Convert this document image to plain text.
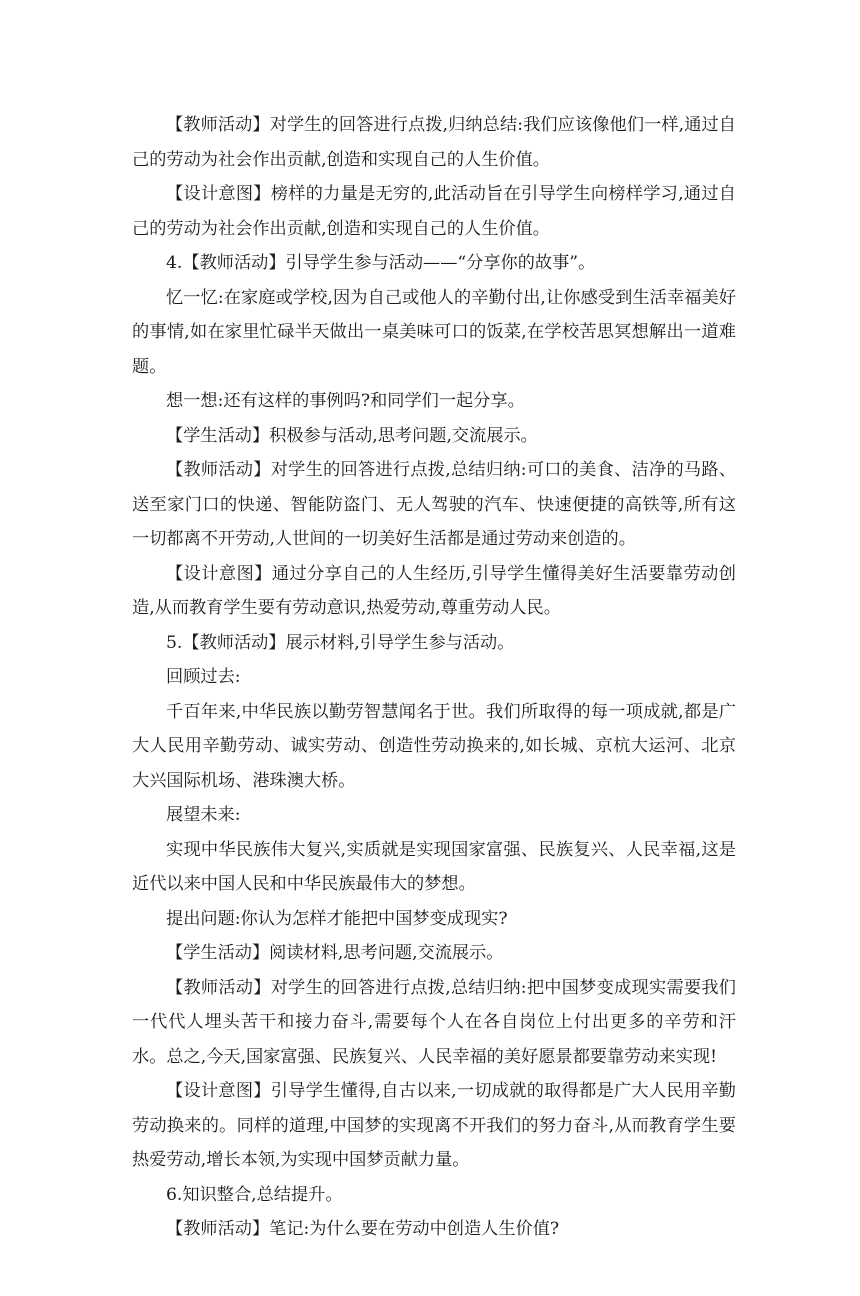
【教师活动】对学生的回答进行点拨,归纳总结:我们应该像他们一样,通过自己的劳动为社会作出贡献,创造和实现自己的人生价值。

【设计意图】榜样的力量是无穷的,此活动旨在引导学生向榜样学习,通过自己的劳动为社会作出贡献,创造和实现自己的人生价值。

4.【教师活动】引导学生参与活动——“分享你的故事”。

忆一忆:在家庭或学校,因为自己或他人的辛勤付出,让你感受到生活幸福美好的事情,如在家里忙碌半天做出一桌美味可口的饭菜,在学校苦思冥想解出一道难题。

想一想:还有这样的事例吗?和同学们一起分享。

【学生活动】积极参与活动,思考问题,交流展示。

【教师活动】对学生的回答进行点拨,总结归纳:可口的美食、洁净的马路、送至家门口的快递、智能防盗门、无人驾驶的汽车、快速便捷的高铁等,所有这一切都离不开劳动,人世间的一切美好生活都是通过劳动来创造的。

【设计意图】通过分享自己的人生经历,引导学生懂得美好生活要靠劳动创造,从而教育学生要有劳动意识,热爱劳动,尊重劳动人民。

5.【教师活动】展示材料,引导学生参与活动。

回顾过去:

千百年来,中华民族以勤劳智慧闻名于世。我们所取得的每一项成就,都是广大人民用辛勤劳动、诚实劳动、创造性劳动换来的,如长城、京杭大运河、北京大兴国际机场、港珠澳大桥。

展望未来:

实现中华民族伟大复兴,实质就是实现国家富强、民族复兴、人民幸福,这是近代以来中国人民和中华民族最伟大的梦想。

提出问题:你认为怎样才能把中国梦变成现实?

【学生活动】阅读材料,思考问题,交流展示。

【教师活动】对学生的回答进行点拨,总结归纳:把中国梦变成现实需要我们一代代人埋头苦干和接力奋斗,需要每个人在各自岗位上付出更多的辛劳和汗水。总之,今天,国家富强、民族复兴、人民幸福的美好愿景都要靠劳动来实现!

【设计意图】引导学生懂得,自古以来,一切成就的取得都是广大人民用辛勤劳动换来的。同样的道理,中国梦的实现离不开我们的努力奋斗,从而教育学生要热爱劳动,增长本领,为实现中国梦贡献力量。

6.知识整合,总结提升。

【教师活动】笔记:为什么要在劳动中创造人生价值?
